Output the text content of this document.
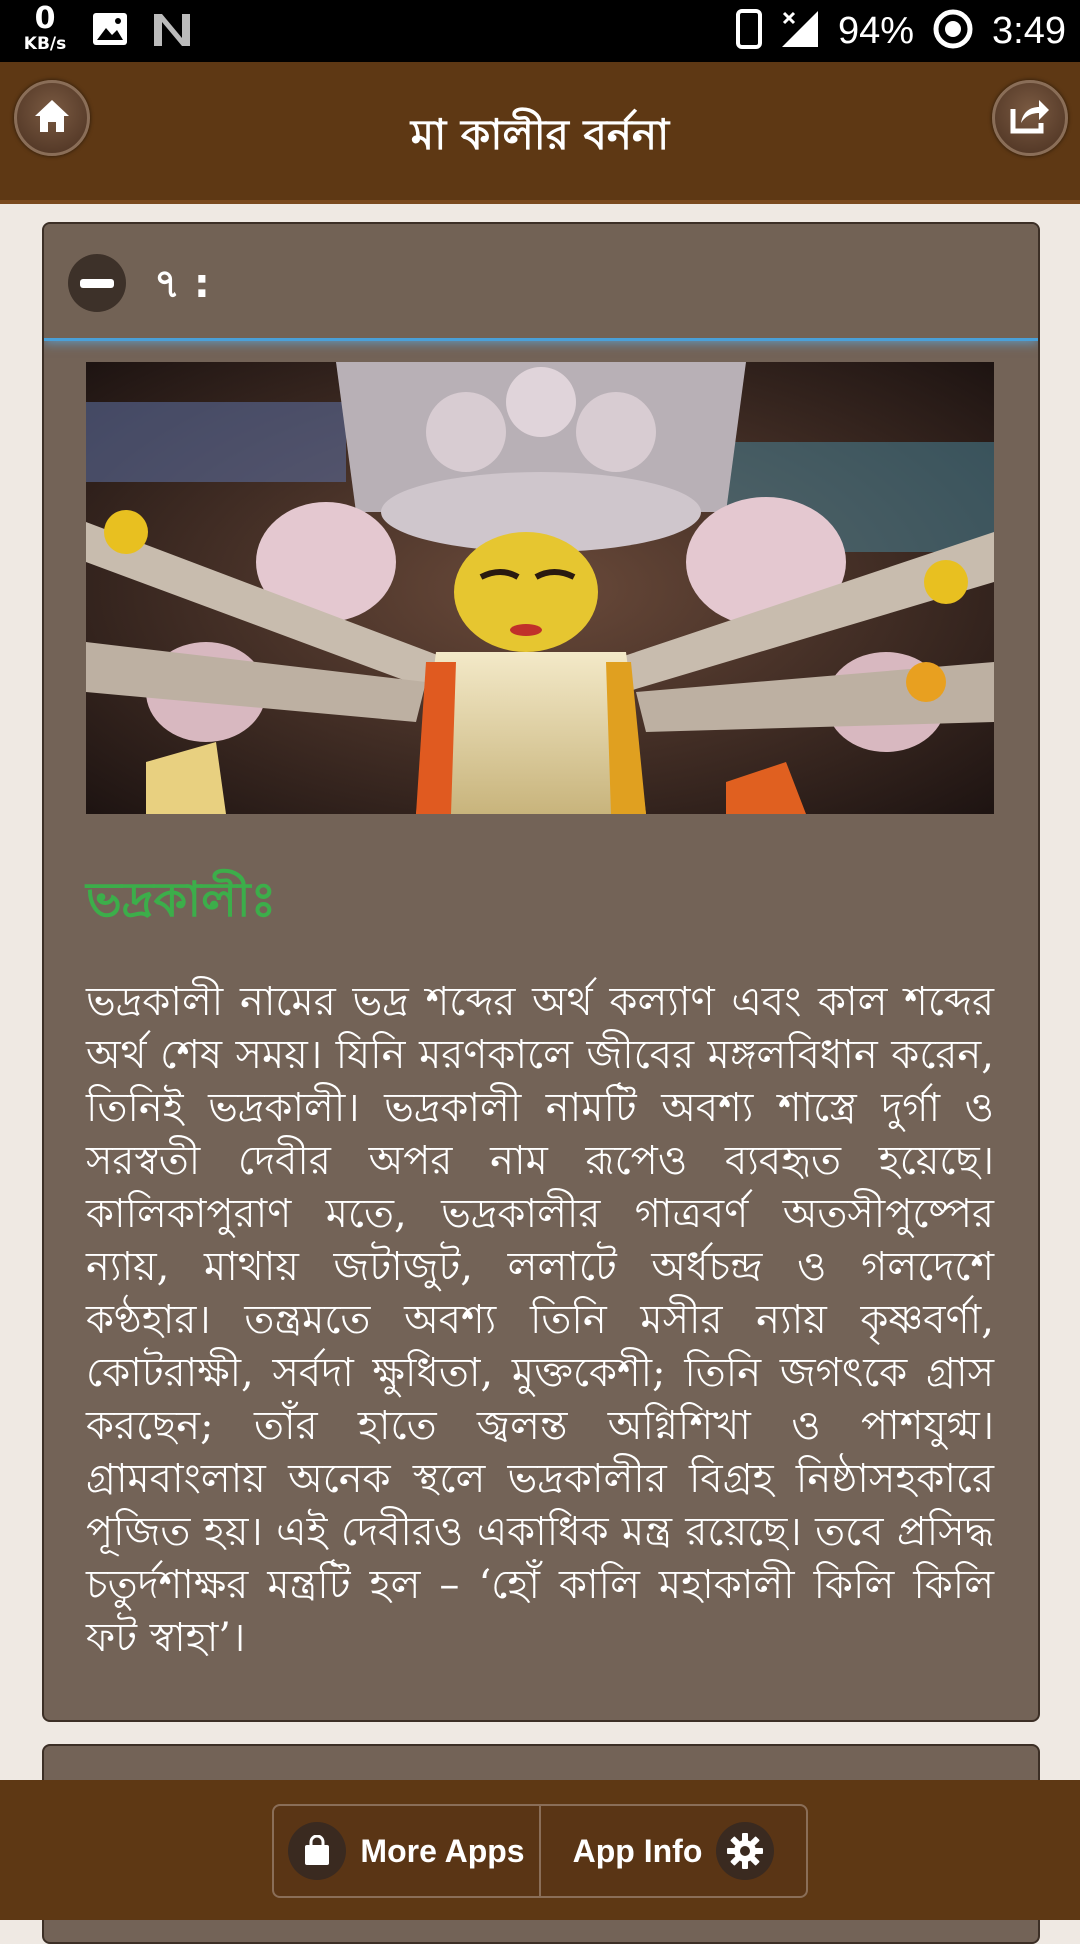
0
KB/s	94% 3:49
মা কালীর বর্ননা
৭ :
ভদ্রকালীঃ
ভদ্রকালী নামের ভদ্র শব্দের অর্থ কল্যাণ এবং কাল শব্দের অর্থ শেষ সময়। যিনি মরণকালে জীবের মঙ্গলবিধান করেন, তিনিই ভদ্রকালী। ভদ্রকালী নামটি অবশ্য শাস্ত্রে দুর্গা ও সরস্বতী দেবীর অপর নাম রূপেও ব্যবহৃত হয়েছে। কালিকাপুরাণ মতে, ভদ্রকালীর গাত্রবর্ণ অতসীপুষ্পের ন্যায়, মাথায় জটাজুট, ললাটে অর্ধচন্দ্র ও গলদেশে কণ্ঠহার। তন্ত্রমতে অবশ্য তিনি মসীর ন্যায় কৃষ্ণবর্ণা, কোটরাক্ষী, সর্বদা ক্ষুধিতা, মুক্তকেশী; তিনি জগৎকে গ্রাস করছেন; তাঁর হাতে জ্বলন্ত অগ্নিশিখা ও পাশযুগ্ম।গ্রামবাংলায় অনেক স্থলে ভদ্রকালীর বিগ্রহ নিষ্ঠাসহকারে পূজিত হয়। এই দেবীরও একাধিক মন্ত্র রয়েছে। তবে প্রসিদ্ধ চতুর্দশাক্ষর মন্ত্রটি হল – ‘হোঁ কালি মহাকালী কিলি কিলি ফট স্বাহা’।
More Apps App Info
